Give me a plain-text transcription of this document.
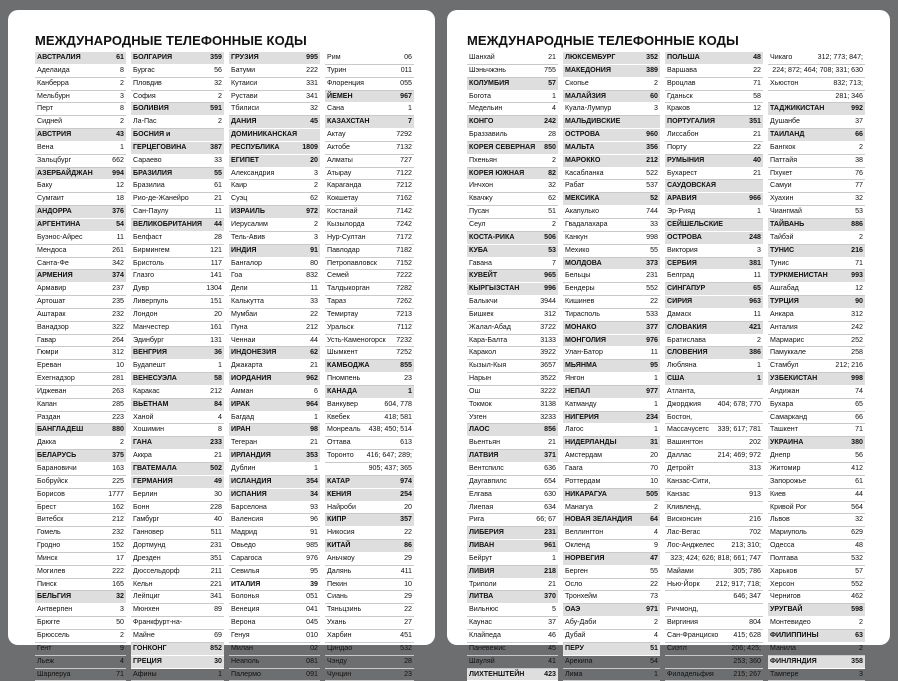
МЕЖДУНАРОДНЫЕ ТЕЛЕФОННЫЕ КОДЫ
АВСТРАЛИЯ	61
Аделаида	8
Канберра	2
Мельбурн	3
Перт	8
Сидней	2
АВСТРИЯ	43
Вена	1
Зальцбург	662
АЗЕРБАЙДЖАН	994
Баку	12
Сумгаит	18
АНДОРРА	376
АРГЕНТИНА	54
Буэнос-Айрес	11
Мендоса	261
Санта-Фе	342
АРМЕНИЯ	374
Армавир	237
Артошат	235
Аштарак	232
Ванадзор	322
Гавар	264
Гюмри	312
Ереван	10
Ехегнадзор	281
Иджеван	263
Капан	285
Раздан	223
БАНГЛАДЕШ	880
Дакка	2
БЕЛАРУСЬ	375
Барановичи	163
Бобруйск	225
Борисов	1777
Брест	162
Витебск	212
Гомель	232
Гродно	152
Минск	17
Могилев	222
Пинск	165
БЕЛЬГИЯ	32
Антверпен	3
Брюгге	50
Брюссель	2
Гент	9
Льеж	4
Шарлеруа	71
БОЛГАРИЯ	359
Бургас	56
Пловдив	32
София	2
БОЛИВИЯ	591
Ла-Пас	2
БОСНИЯ и
ГЕРЦЕГОВИНА	387
Сараево	33
БРАЗИЛИЯ	55
Бразилиа	61
Рио-де-Жанейро	21
Сан-Паулу	11
ВЕЛИКОБРИТАНИЯ 44
Белфаст	28
Бирмингем	121
Бристоль	117
Глазго	141
Дувр	1304
Ливерпуль	151
Лондон	20
Манчестер	161
Эдинбург	131
ВЕНГРИЯ	36
Будапешт	1
ВЕНЕСУЭЛА	58
Каракас	212
ВЬЕТНАМ	84
Ханой	4
Хошимин	8
ГАНА	233
Аккра	21
ГВАТЕМАЛА	502
ГЕРМАНИЯ	49
Берлин	30
Бонн	228
Гамбург	40
Ганновер	511
Дортмунд	231
Дрезден	351
Дюссельдорф	211
Кельн	221
Лейпциг	341
Мюнхен	89
Франкфурт-на-
Майне	69
ГОНКОНГ	852
ГРЕЦИЯ	30
Афины	1
ГРУЗИЯ	995
Батуми	222
Кутаиси	331
Рустави	341
Тбилиси	32
ДАНИЯ	45
ДОМИНИКАНСКАЯ
РЕСПУБЛИКА	1809
ЕГИПЕТ	20
Александрия	3
Каир	2
Суэц	62
ИЗРАИЛЬ	972
Иерусалим	2
Тель-Авив	3
ИНДИЯ	91
Бангалор	80
Гоа	832
Дели	11
Калькутта	33
Мумбаи	22
Пуна	212
Ченнаи	44
ИНДОНЕЗИЯ	62
Джакарта	21
ИОРДАНИЯ	962
Амман	6
ИРАК	964
Багдад	1
ИРАН	98
Тегеран	21
ИРЛАНДИЯ	353
Дублин	1
ИСЛАНДИЯ	354
ИСПАНИЯ	34
Барселона	93
Валенсия	96
Мадрид	91
Овьедо	985
Сарагоса	976
Севилья	95
ИТАЛИЯ	39
Болонья	051
Венеция	041
Верона	045
Генуя	010
Милан	02
Неаполь	081
Палермо	091
Рим	06
Турин	011
Флоренция	055
ЙЕМЕН	967
Сана	1
КАЗАХСТАН	7
Актау	7292
Актобе	7132
Алматы	727
Атырау	7122
Караганда	7212
Кокшетау	7162
Костанай	7142
Кызылорда	7242
Нур-Султан	7172
Павлодар	7182
Петропавловск	7152
Семей	7222
Талдыкорган	7282
Тараз	7262
Темиртау	7213
Уральск	7112
Усть-Каменогорск 7232
Шымкент	7252
КАМБОДЖА	855
Пномпень	23
КАНАДА	1
Ванкувер	604, 778
Квебек	418; 581
Монреаль 438; 450; 514
Оттава	613
Торонто 416; 647; 289;
905; 437; 365
КАТАР	974
КЕНИЯ	254
Найроби	20
КИПР	357
Никосия	22
КИТАЙ	86
Аньчжоу	29
Далянь	411
Пекин	10
Сиань	29
Тяньцзинь	22
Ухань	27
Харбин	451
Циндао	532
Чэнду	28
Чунцин	23
МЕЖДУНАРОДНЫЕ ТЕЛЕФОННЫЕ КОДЫ
Шанхай	21
Шэньчжэнь	755
КОЛУМБИЯ	57
Богота	1
Медельин	4
КОНГО	242
Браззавиль	28
КОРЕЯ СЕВЕРНАЯ 850
Пхеньян	2
КОРЕЯ ЮЖНАЯ	82
Инчхон	32
Квачжу	62
Пусан	51
Сеул	2
КОСТА-РИКА	506
КУБА	53
Гавана	7
КУВЕЙТ	965
КЫРГЫЗСТАН	996
Балыкчи	3944
Бишкек	312
Жалал-Абад	3722
Кара-Балта	3133
Каракол	3922
Кызыл-Кыя	3657
Нарын	3522
Ош	3222
Токмок	3138
Узген	3233
ЛАОС	856
Вьентьян	21
ЛАТВИЯ	371
Вентспилс	636
Даугавпилс	654
Елгава	630
Лиепая	634
Рига	66; 67
ЛИБЕРИЯ	231
ЛИВАН	961
Бейрут	1
ЛИВИЯ	218
Триполи	21
ЛИТВА	370
Вильнюс	5
Каунас	37
Клайпеда	46
Паневежис	45
Шауляй	41
ЛИХТЕНШТЕЙН	423
ЛЮКСЕМБУРГ	352
МАКЕДОНИЯ	389
Скопье	2
МАЛАЙЗИЯ	60
Куала-Лумпур	3
МАЛЬДИВСКИЕ
ОСТРОВА	960
МАЛЬТА	356
МАРОККО	212
Касабланка	522
Рабат	537
МЕКСИКА	52
Акапулько	744
Гвадалахара	33
Канкун	998
Мехико	55
МОЛДОВА	373
Бельцы	231
Бендеры	552
Кишинев	22
Тирасполь	533
МОНАКО	377
МОНГОЛИЯ	976
Улан-Батор	11
МЬЯНМА	95
Янгон	1
НЕПАЛ	977
Катманду	1
НИГЕРИЯ	234
Лагос	1
НИДЕРЛАНДЫ	31
Амстердам	20
Гаага	70
Роттердам	10
НИКАРАГУА	505
Манагуа	2
НОВАЯ ЗЕЛАНДИЯ	64
Веллингтон	4
Окленд	9
НОРВЕГИЯ	47
Берген	55
Осло	22
Тронхейм	73
ОАЭ	971
Абу-Даби	2
Дубай	4
ПЕРУ	51
Арекипа	54
Лима	1
ПОЛЬША	48
Варшава	22
Вроцлав	71
Гданьск	58
Краков	12
ПОРТУГАЛИЯ	351
Лиссабон	21
Порту	22
РУМЫНИЯ	40
Бухарест	21
САУДОВСКАЯ
АРАВИЯ	966
Эр-Рияд	1
СЕЙШЕЛЬСКИЕ
ОСТРОВА	248
Виктория	3
СЕРБИЯ	381
Белград	11
СИНГАПУР	65
СИРИЯ	963
Дамаск	11
СЛОВАКИЯ	421
Братислава	2
СЛОВЕНИЯ	386
Любляна	1
США	1
Атланта,
Джорджия 404; 678; 770
Бостон,
Массачусетс 339; 617; 781
Вашингтон	202
Даллас	214; 469; 972
Детройт	313
Канзас-Сити,
Канзас	913
Кливленд,
Висконсин	216
Лас-Вегас	702
Лос-Анджелес 213; 310;
323; 424; 626; 818; 661; 747
Майами	305; 786
Нью-Йорк 212; 917; 718;
646; 347
Ричмонд,
Виргиния	804
Сан-Франциско 415; 628
Сиэтл	206; 425;
253; 360
Филадельфия	215; 267
Чикаго	312; 773; 847;
224; 872; 464; 708; 331; 630
Хьюстон	832; 713;
281; 346
ТАДЖИКИСТАН	992
Душанбе	37
ТАИЛАНД	66
Бангкок	2
Паттайя	38
Пхукет	76
Самуи	77
Хуахин	32
Чиангмай	53
ТАЙВАНЬ	886
Тайбэй	2
ТУНИС	216
Тунис	71
ТУРКМЕНИСТАН	993
Ашгабад	12
ТУРЦИЯ	90
Анкара	312
Анталия	242
Мармарис	252
Памуккале	258
Стамбул	212; 216
УЗБЕКИСТАН	998
Андижан	74
Бухара	65
Самарканд	66
Ташкент	71
УКРАИНА	380
Днепр	56
Житомир	412
Запорожье	61
Киев	44
Кривой Рог	564
Львов	32
Мариуполь	629
Одесса	48
Полтава	532
Харьков	57
Херсон	552
Чернигов	462
УРУГВАЙ	598
Монтевидео	2
ФИЛИППИНЫ	63
Манила	2
ФИНЛЯНДИЯ	358
Тампере	3
